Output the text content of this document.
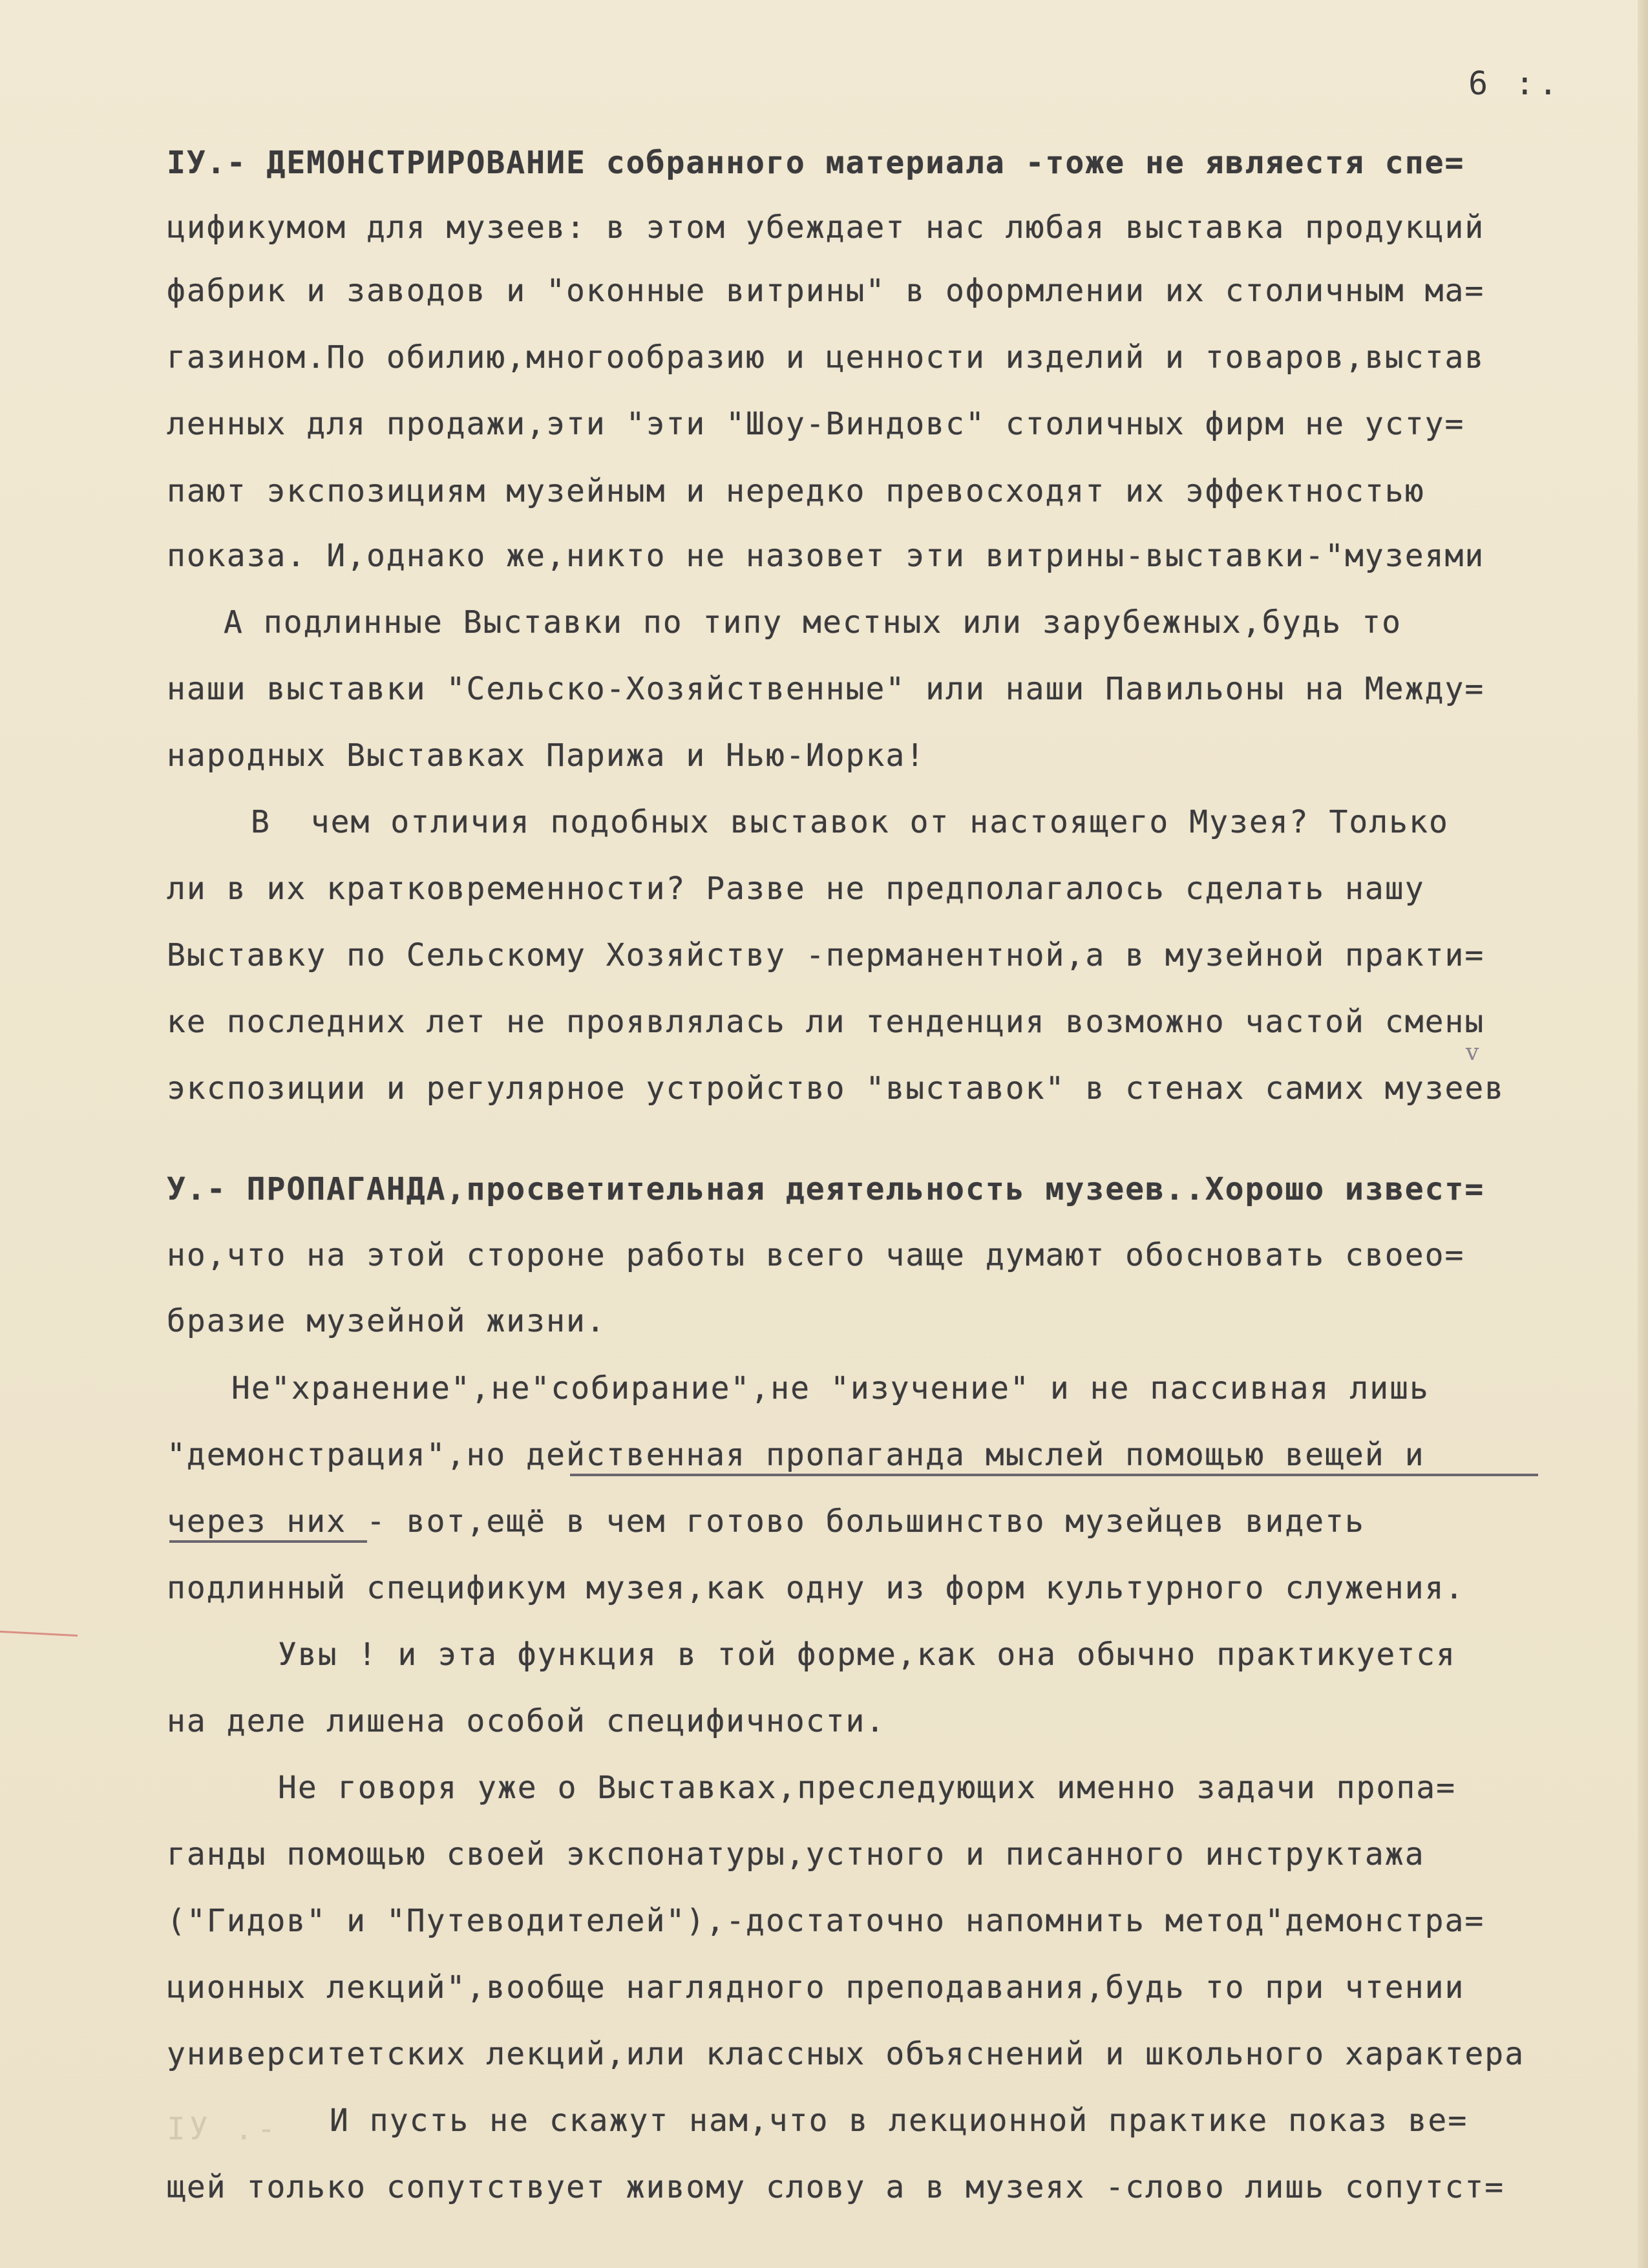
6 :.
IУ.- ДЕМОНСТРИРОВАНИЕ собранного материала -тоже не являестя спе=
цификумом для музеев: в этом убеждает нас любая выставка продукций
фабрик и заводов и "оконные витрины" в оформлении их столичным ма=
газином.По обилию,многообразию и ценности изделий и товаров,выстав
ленных для продажи,эти "эти "Шоу-Виндовс" столичных фирм не усту=
пают экспозициям музейным и нередко превосходят их эффектностью
показа. И,однако же,никто не назовет эти витрины-выставки-"музеями
А подлинные Выставки по типу местных или зарубежных,будь то
наши выставки "Сельско-Хозяйственные" или наши Павильоны на Между=
народных Выставках Парижа и Нью-Иорка!
В  чем отличия подобных выставок от настоящего Музея? Только
ли в их кратковременности? Разве не предполагалось сделать нашу
Выставку по Сельскому Хозяйству -перманентной,а в музейной практи=
ке последних лет не проявлялась ли тенденция возможно частой смены
экспозиции и регулярное устройство "выставок" в стенах самих музеев
У.- ПРОПАГАНДА,просветительная деятельность музеев..Хорошо извест=
но,что на этой стороне работы всего чаще думают обосновать своео=
бразие музейной жизни.
Не"хранение",не"собирание",не "изучение" и не пассивная лишь
"демонстрация",но действенная пропаганда мыслей помощью вещей и
через них - вот,ещё в чем готово большинство музейцев видеть
подлинный спецификум музея,как одну из форм культурного служения.
Увы ! и эта функция в той форме,как она обычно практикуется
на деле лишена особой специфичности.
Не говоря уже о Выставках,преследующих именно задачи пропа=
ганды помощью своей экспонатуры,устного и писанного инструктажа
("Гидов" и "Путеводителей"),-достаточно напомнить метод"демонстра=
ционных лекций",вообще наглядного преподавания,будь то при чтении
университетских лекций,или классных объяснений и школьного характера
И пусть не скажут нам,что в лекционной практике показ ве=
щей только сопутствует живому слову а в музеях -слово лишь сопутст=
v
IУ .-
